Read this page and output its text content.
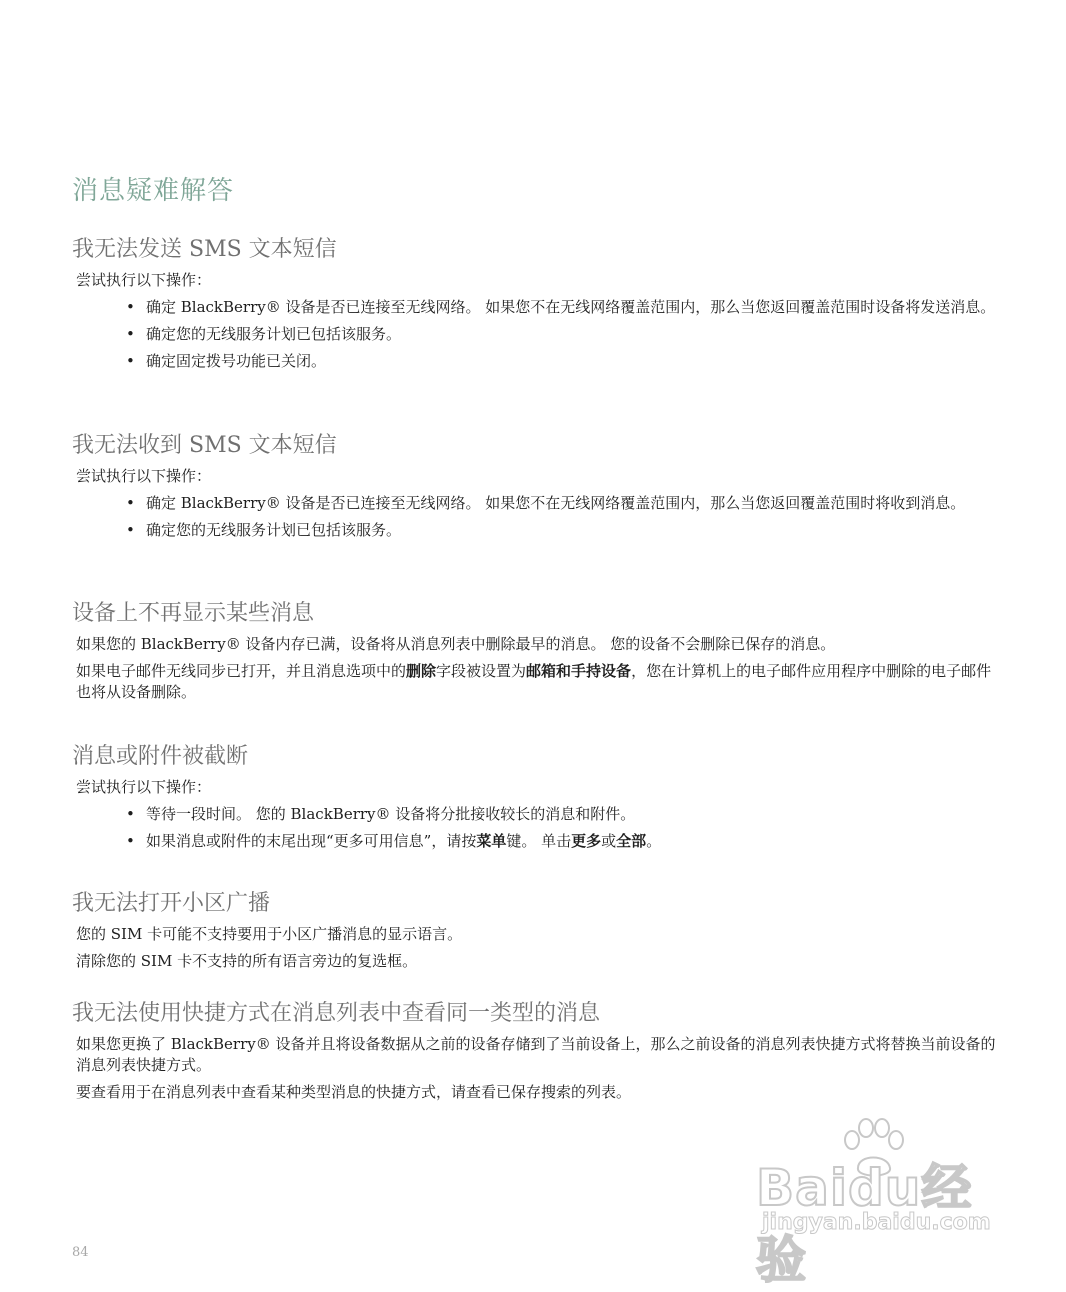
消息疑难解答
我无法发送 SMS 文本短信

尝试执行以下操作：

• 确定 BlackBerry® 设备是否已连接至无线网络。 如果您不在无线网络覆盖范围内，那么当您返回覆盖范围时设备将发送消息。
• 确定您的无线服务计划已包括该服务。
• 确定固定拨号功能已关闭。
我无法收到 SMS 文本短信

尝试执行以下操作：

• 确定 BlackBerry® 设备是否已连接至无线网络。 如果您不在无线网络覆盖范围内，那么当您返回覆盖范围时将收到消息。
• 确定您的无线服务计划已包括该服务。
设备上不再显示某些消息

如果您的 BlackBerry® 设备内存已满，设备将从消息列表中删除最早的消息。 您的设备不会删除已保存的消息。

如果电子邮件无线同步已打开，并且消息选项中的删除字段被设置为邮箱和手持设备，您在计算机上的电子邮件应用程序中删除的电子邮件也将从设备删除。

消息或附件被截断

尝试执行以下操作：

• 等待一段时间。 您的 BlackBerry® 设备将分批接收较长的消息和附件。
• 如果消息或附件的末尾出现“更多可用信息”，请按菜单键。 单击更多或全部。
我无法打开小区广播

您的 SIM 卡可能不支持要用于小区广播消息的显示语言。

清除您的 SIM 卡不支持的所有语言旁边的复选框。

我无法使用快捷方式在消息列表中查看同一类型的消息

如果您更换了 BlackBerry® 设备并且将设备数据从之前的设备存储到了当前设备上，那么之前设备的消息列表快捷方式将替换当前设备的消息列表快捷方式。

要查看用于在消息列表中查看某种类型消息的快捷方式，请查看已保存搜索的列表。

Baidu经验
jingyan.baidu.com
84
